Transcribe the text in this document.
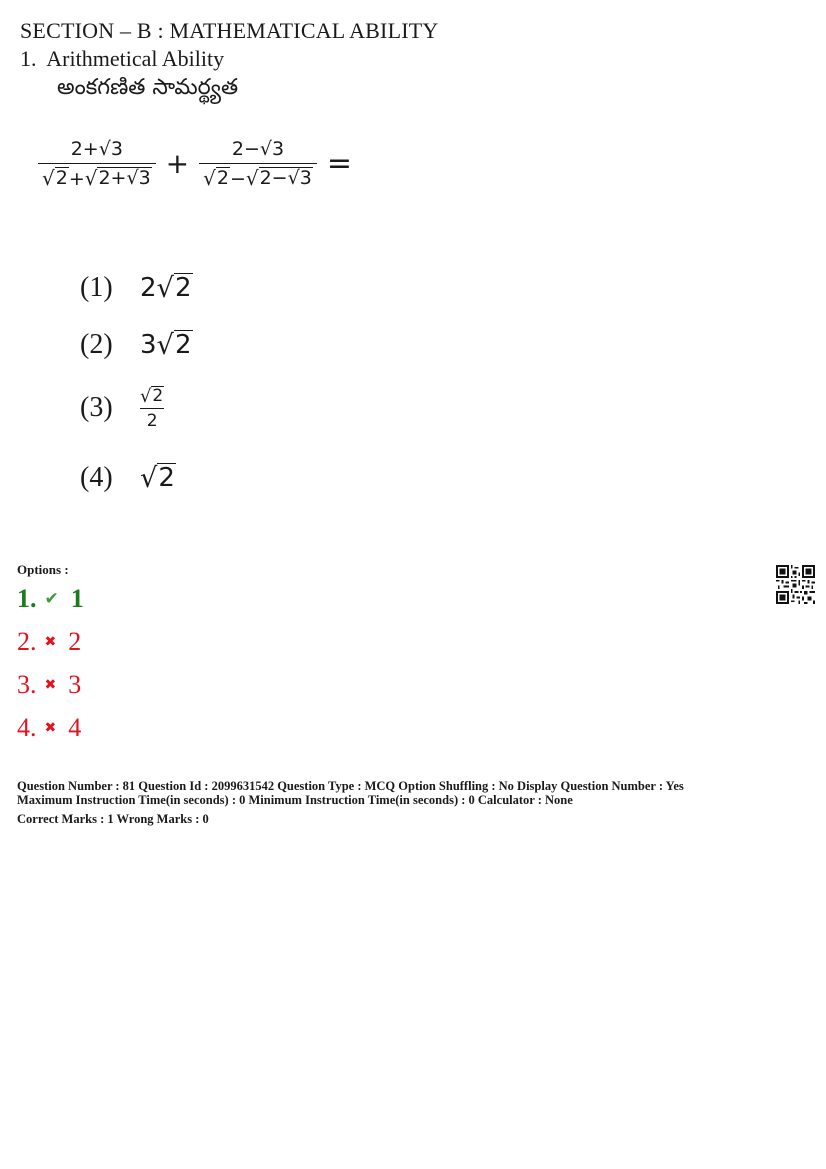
SECTION – B : MATHEMATICAL ABILITY
1. Arithmetical Ability
అంకగణిత సామర్థ్యత
$\frac{2+√3}{√ 2 + √ 2+√3} + \frac{2-√3}{√ 2 - √ 2-√3}$ =
(1)	2 √ 2
(2)	3 √ 2
(3)	√ 2
2
(4)	√ 2
Options :
1. ✔ 1
2. ✖ 2
3. ✖ 3
4. ✖ 4
Question Number : 81 Question Id : 2099631542 Question Type : MCQ Option Shuffling : No Display Question Number : Yes
Maximum Instruction Time(in seconds) : 0 Minimum Instruction Time(in seconds) : 0 Calculator : None
Correct Marks : 1 Wrong Marks : 0
